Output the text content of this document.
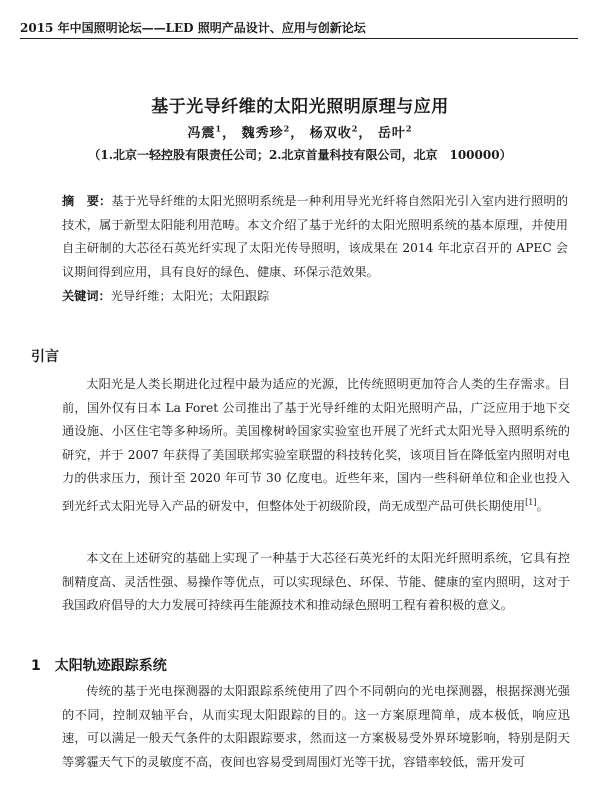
2015 年中国照明论坛——LED 照明产品设计、应用与创新论坛
基于光导纤维的太阳光照明原理与应用
冯震$^1$， 魏秀珍$^2$， 杨双收$^2$， 岳叶$^2$
（1.北京一轻控股有限责任公司；2.北京首量科技有限公司，北京　100000）
摘　要：基于光导纤维的太阳光照明系统是一种利用导光光纤将自然阳光引入室内进行照明的技术，属于新型太阳能利用范畴。本文介绍了基于光纤的太阳光照明系统的基本原理，并使用自主研制的大芯径石英光纤实现了太阳光传导照明，该成果在 2014 年北京召开的 APEC 会议期间得到应用，具有良好的绿色、健康、环保示范效果。
关键词：光导纤维；太阳光；太阳跟踪
引言
太阳光是人类长期进化过程中最为适应的光源，比传统照明更加符合人类的生存需求。目前，国外仅有日本 La Foret 公司推出了基于光导纤维的太阳光照明产品，广泛应用于地下交通设施、小区住宅等多种场所。美国橡树岭国家实验室也开展了光纤式太阳光导入照明系统的研究，并于 2007 年获得了美国联邦实验室联盟的科技转化奖，该项目旨在降低室内照明对电力的供求压力，预计至 2020 年可节 30 亿度电。近些年来，国内一些科研单位和企业也投入到光纤式太阳光导入产品的研发中，但整体处于初级阶段，尚无成型产品可供长期使用[1]。
本文在上述研究的基础上实现了一种基于大芯径石英光纤的太阳光纤照明系统，它具有控制精度高、灵活性强、易操作等优点，可以实现绿色、环保、节能、健康的室内照明，这对于我国政府倡导的大力发展可持续再生能源技术和推动绿色照明工程有着积极的意义。
1　太阳轨迹跟踪系统
传统的基于光电探测器的太阳跟踪系统使用了四个不同朝向的光电探测器，根据探测光强的不同，控制双轴平台，从而实现太阳跟踪的目的。这一方案原理简单，成本极低，响应迅速，可以满足一般天气条件的太阳跟踪要求，然而这一方案极易受外界环境影响，特别是阴天等雾霾天气下的灵敏度不高，夜间也容易受到周围灯光等干扰，容错率较低，需开发可
